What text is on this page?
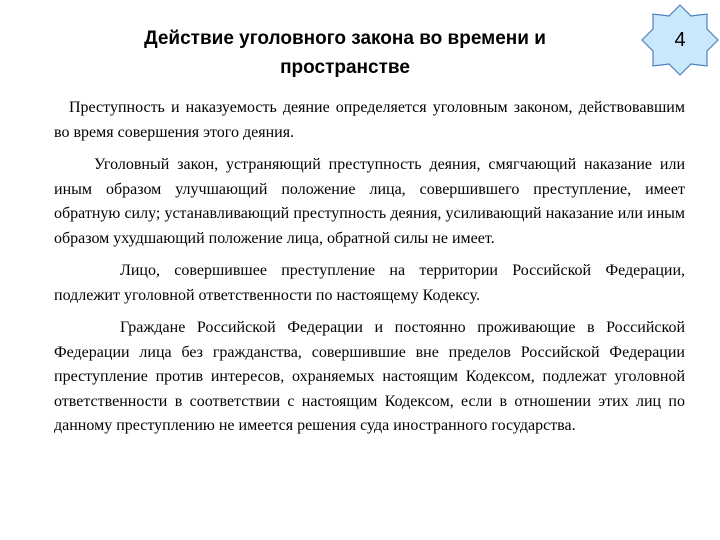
Действие уголовного закона во времени и пространстве
4

Преступность и наказуемость деяние определяется уголовным законом, действовавшим во время совершения этого деяния.

Уголовный закон, устраняющий преступность деяния, смягчающий наказание или иным образом улучшающий положение лица, совершившего преступление, имеет обратную силу; устанавливающий преступность деяния, усиливающий наказание или иным образом ухудшающий положение лица, обратной силы не имеет.

Лицо, совершившее преступление на территории Российской Федерации, подлежит уголовной ответственности по настоящему Кодексу.

Граждане Российской Федерации и постоянно проживающие в Российской Федерации лица без гражданства, совершившие вне пределов Российской Федерации преступление против интересов, охраняемых настоящим Кодексом, подлежат уголовной ответственности в соответствии с настоящим Кодексом, если в отношении этих лиц по данному преступлению не имеется решения суда иностранного государства.
